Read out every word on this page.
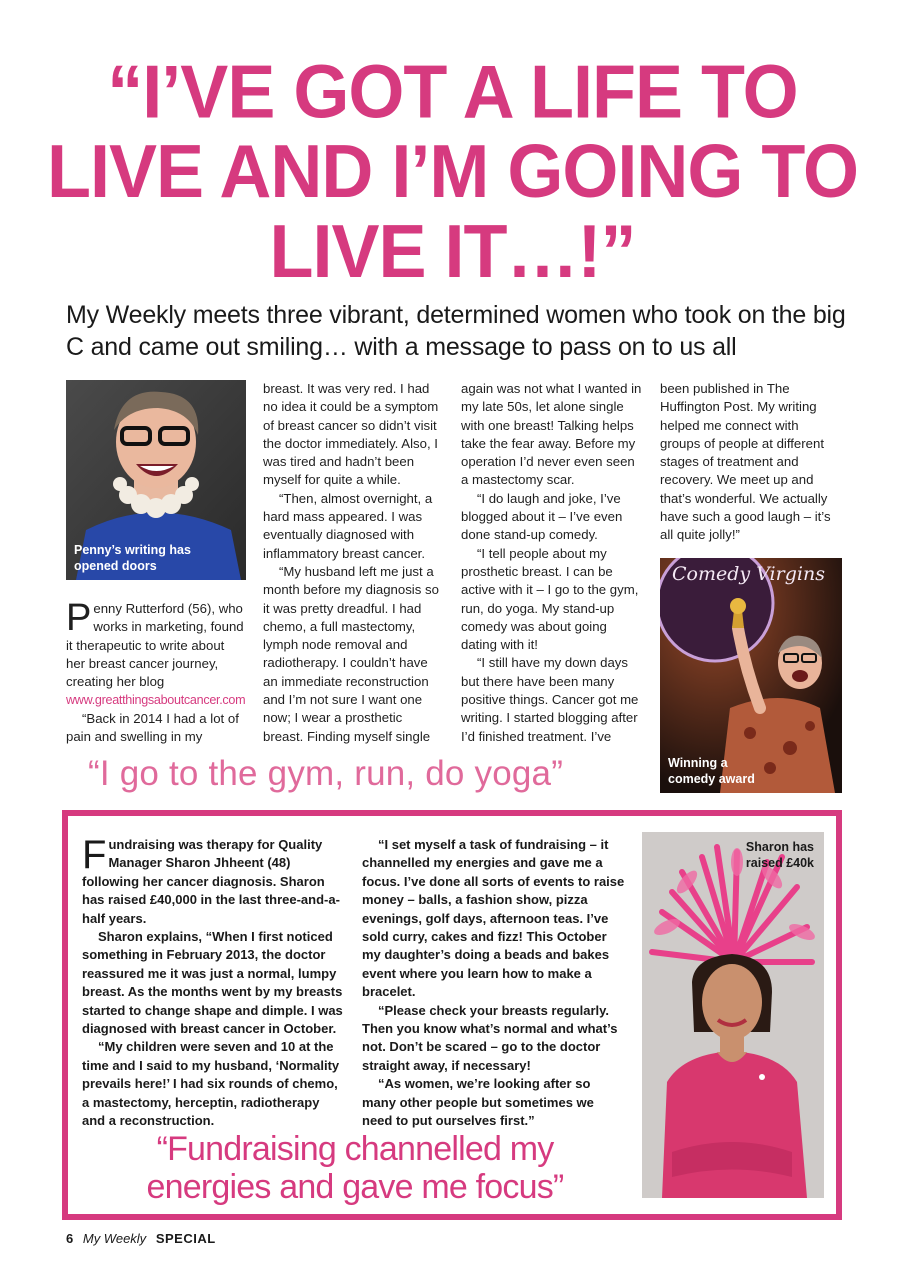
“I’VE GOT A LIFE TO LIVE AND I’M GOING TO LIVE IT…!”

My Weekly meets three vibrant, determined women who took on the big C and came out smiling… with a message to pass on to us all

Penny’s writing has opened doors

Penny Rutterford (56), who works in marketing, found it therapeutic to write about her breast cancer journey, creating her blog www.greatthingsaboutcancer.com

“Back in 2014 I had a lot of pain and swelling in my

breast. It was very red. I had no idea it could be a symptom of breast cancer so didn’t visit the doctor immediately. Also, I was tired and hadn’t been myself for quite a while.

“Then, almost overnight, a hard mass appeared. I was eventually diagnosed with inflammatory breast cancer.

“My husband left me just a month before my diagnosis so it was pretty dreadful. I had chemo, a full mastectomy, lymph node removal and radiotherapy. I couldn’t have an immediate reconstruction and I’m not sure I want one now; I wear a prosthetic breast. Finding myself single

again was not what I wanted in my late 50s, let alone single with one breast! Talking helps take the fear away. Before my operation I’d never even seen a mastectomy scar.

“I do laugh and joke, I’ve blogged about it – I’ve even done stand-up comedy.

“I tell people about my prosthetic breast. I can be active with it – I go to the gym, run, do yoga. My stand-up comedy was about going dating with it!

“I still have my down days but there have been many positive things. Cancer got me writing. I started blogging after I’d finished treatment. I’ve

been published in The Huffington Post. My writing helped me connect with groups of people at different stages of treatment and recovery. We meet up and that’s wonderful. We actually have such a good laugh – it’s all quite jolly!”

Comedy Virgins
Winning a comedy award
“I go to the gym, run, do yoga”

Fundraising was therapy for Quality Manager Sharon Jhheent (48) following her cancer diagnosis. Sharon has raised £40,000 in the last three-and-a-half years.

Sharon explains, “When I first noticed something in February 2013, the doctor reassured me it was just a normal, lumpy breast. As the months went by my breasts started to change shape and dimple. I was diagnosed with breast cancer in October.

“My children were seven and 10 at the time and I said to my husband, ‘Normality prevails here!’ I had six rounds of chemo, a mastectomy, herceptin, radiotherapy and a reconstruction.

“I set myself a task of fundraising – it channelled my energies and gave me a focus. I’ve done all sorts of events to raise money – balls, a fashion show, pizza evenings, golf days, afternoon teas. I’ve sold curry, cakes and fizz! This October my daughter’s doing a beads and bakes event where you learn how to make a bracelet.

“Please check your breasts regularly. Then you know what’s normal and what’s not. Don’t be scared – go to the doctor straight away, if necessary!

“As women, we’re looking after so many other people but sometimes we need to put ourselves first.”

Sharon has raised £40k
“Fundraising channelled my energies and gave me focus”
6 My Weekly SPECIAL
